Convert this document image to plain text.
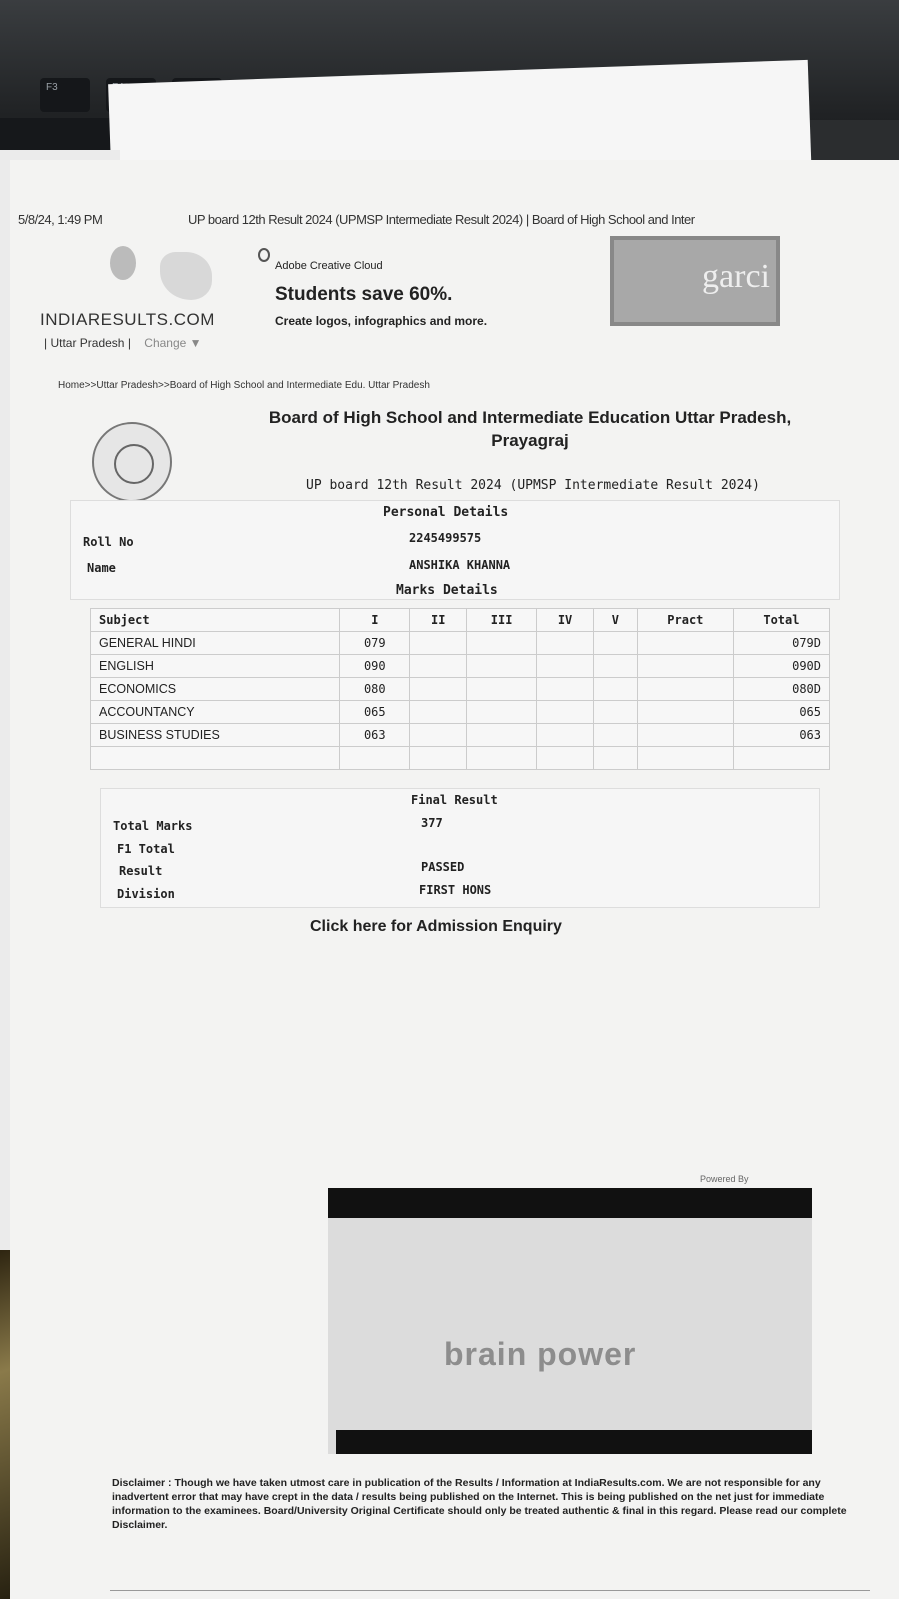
F3
5/8/24, 1:49 PM	UP board 12th Result 2024 (UPMSP Intermediate Result 2024) | Board of High School and Inter
INDIARESULTS.COM
| Uttar Pradesh | Change ▼
Adobe Creative Cloud
Students save 60%.
Create logos, infographics and more.
garci
Home>>Uttar Pradesh>>Board of High School and Intermediate Edu. Uttar Pradesh
Board of High School and Intermediate Education Uttar Pradesh,
Prayagraj
UP board 12th Result 2024 (UPMSP Intermediate Result 2024)
Personal Details
Roll No	2245499575
Name	ANSHIKA KHANNA
Marks Details
Subject	I	II	III	IV	V	Pract	Total
GENERAL HINDI	079						079D
ENGLISH	090						090D
ECONOMICS	080						080D
ACCOUNTANCY	065						065
BUSINESS STUDIES	063						063

Final Result
Total Marks	377
F1 Total
Result	PASSED
Division	FIRST HONS
Click here for Admission Enquiry
Powered By
brain power
Disclaimer : Though we have taken utmost care in publication of the Results / Information at IndiaResults.com. We are not responsible for any inadvertent error that may have crept in the data / results being published on the Internet. This is being published on the net just for immediate information to the examinees. Board/University Original Certificate should only be treated authentic & final in this regard. Please read our complete Disclaimer.
